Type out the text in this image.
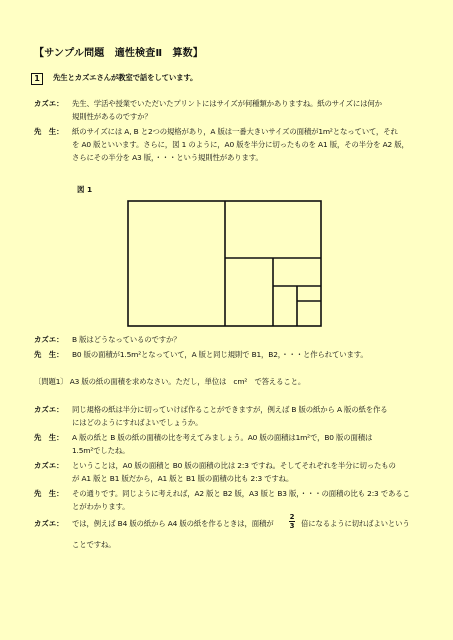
【サンプル問題　適性検査Ⅱ　算数】
1	先生とカズエさんが教室で話をしています。
カズエ： 先生、学活や授業でいただいたプリントにはサイズが何種類かありますね。紙のサイズには何か
規則性があるのですか？
先　生： 紙のサイズには A, B と2つの規格があり，A 版は一番大きいサイズの面積が1m²となっていて，それ
を A0 版といいます。さらに，図 1 のように，A0 版を半分に切ったものを A1 版，その半分を A2 版，
さらにその半分を A3 版，・・・という規則性があります。
図 1
カズエ： B 版はどうなっているのですか？
先　生： B0 版の面積が1.5m²となっていて，A 版と同じ規則で B1，B2，・・・と作られています。
〔問題1〕 A3 版の紙の面積を求めなさい。ただし，単位は　cm²　で答えること。
カズエ： 同じ規格の紙は半分に切っていけば作ることができますが，例えば B 版の紙から A 版の紙を作る
にはどのようにすればよいでしょうか。
先　生： A 版の紙と B 版の紙の面積の比を考えてみましょう。A0 版の面積は1m²で，B0 版の面積は
1.5m²でしたね。
カズエ： ということは，A0 版の面積と B0 版の面積の比は 2:3 ですね。そしてそれぞれを半分に切ったもの
が A1 版と B1 版だから，A1 版と B1 版の面積の比も 2:3 ですね。
先　生： その通りです。同じように考えれば，A2 版と B2 版，A3 版と B3 版，・・・の面積の比も 2:3 であるこ
とがわかります。
カズエ： では，例えば B4 版の紙から A4 版の紙を作るときは，面積が
2
3 倍になるように切ればよいという
ことですね。
